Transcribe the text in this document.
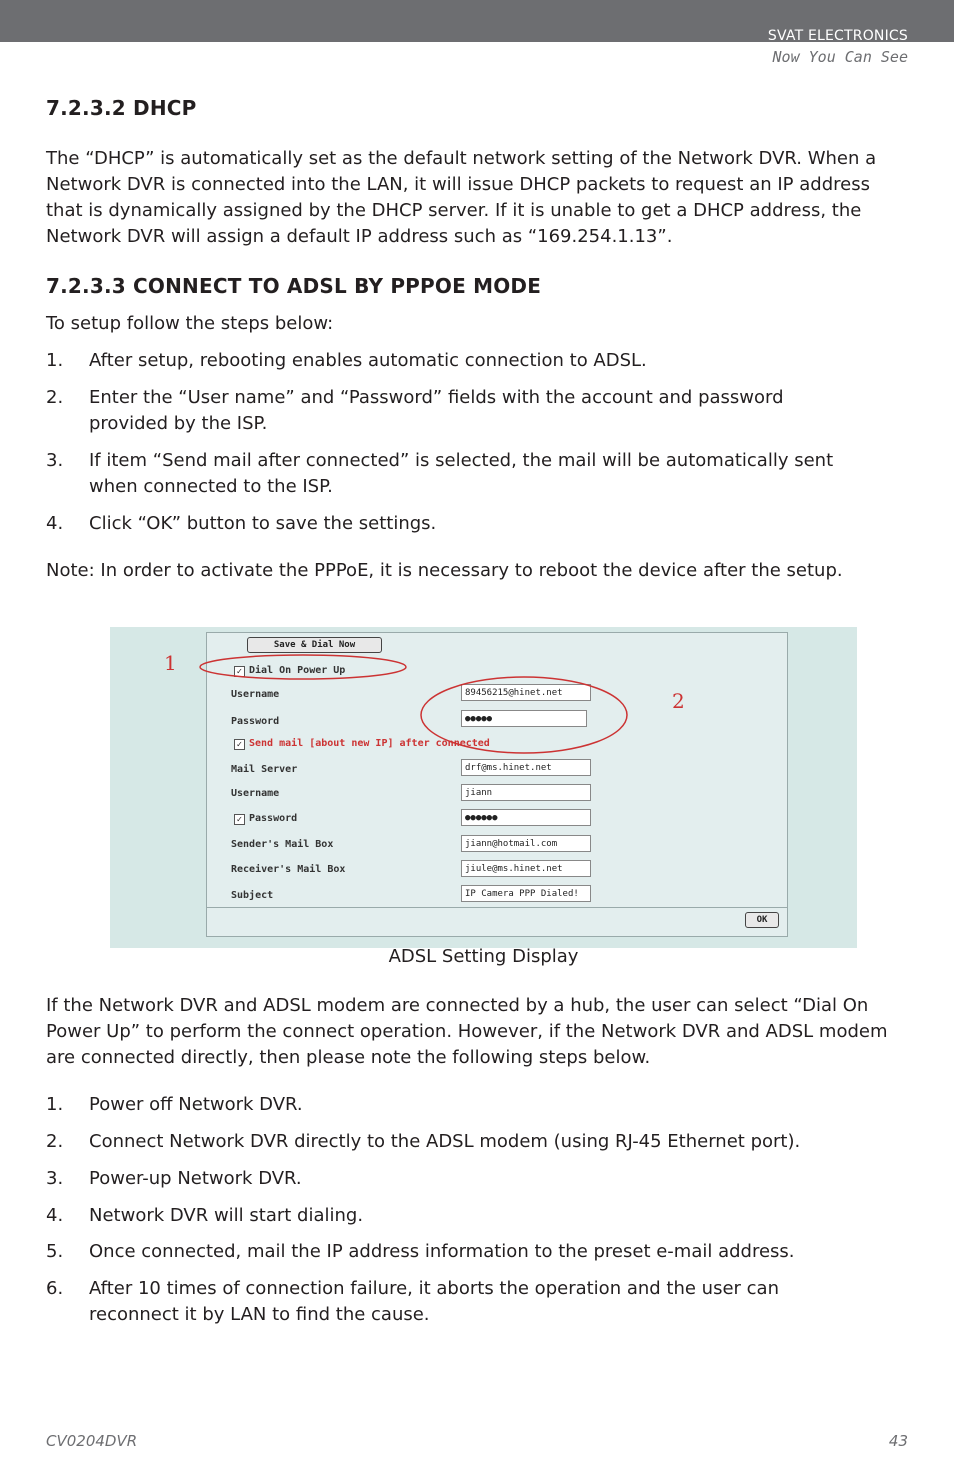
SVAT ELECTRONICS
Now You Can See
7.2.3.2 DHCP
The “DHCP” is automatically set as the default network setting of the Network DVR. When a Network DVR is connected into the LAN, it will issue DHCP packets to request an IP address that is dynamically assigned by the DHCP server. If it is unable to get a DHCP address, the Network DVR will assign a default IP address such as “169.254.1.13”.
7.2.3.3 CONNECT TO ADSL BY PPPOE MODE
To setup follow the steps below:
1. After setup, rebooting enables automatic connection to ADSL.
2. Enter the “User name” and “Password” fields with the account and password provided by the ISP.
3. If item “Send mail after connected” is selected, the mail will be automatically sent when connected to the ISP.
4. Click “OK” button to save the settings.
Note: In order to activate the PPPoE, it is necessary to reboot the device after the setup.
Save & Dial Now
✓ Dial On Power Up
Username	89456215@hinet.net
Password	●●●●●
✓ Send mail [about new IP] after connected
Mail Server	drf@ms.hinet.net
Username	jiann
✓ Password	●●●●●●
Sender's Mail Box	jiann@hotmail.com
Receiver's Mail Box	jiule@ms.hinet.net
Subject	IP Camera PPP Dialed!
OK
1
2
ADSL Setting Display
If the Network DVR and ADSL modem are connected by a hub, the user can select “Dial On Power Up” to perform the connect operation. However, if the Network DVR and ADSL modem are connected directly, then please note the following steps below.
1. Power off Network DVR.
2. Connect Network DVR directly to the ADSL modem (using RJ-45 Ethernet port).
3. Power-up Network DVR.
4. Network DVR will start dialing.
5. Once connected, mail the IP address information to the preset e-mail address.
6. After 10 times of connection failure, it aborts the operation and the user can reconnect it by LAN to find the cause.
CV0204DVR	43
